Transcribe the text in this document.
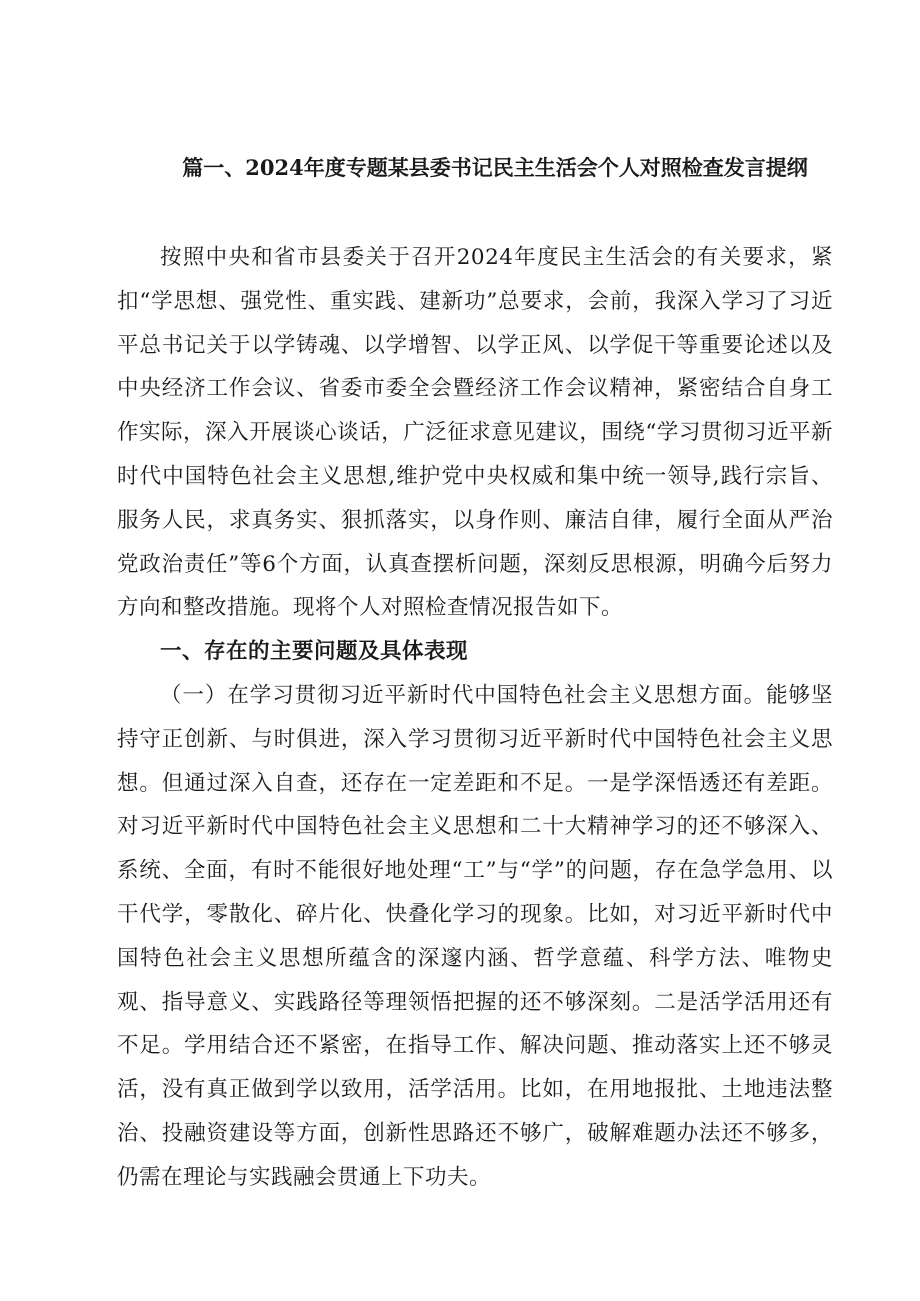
篇一、2024年度专题某县委书记民主生活会个人对照检查发言提纲

按照中央和省市县委关于召开2024年度民主生活会的有关要求，紧扣“学思想、强党性、重实践、建新功”总要求，会前，我深入学习了习近平总书记关于以学铸魂、以学增智、以学正风、以学促干等重要论述以及中央经济工作会议、省委市委全会暨经济工作会议精神，紧密结合自身工作实际，深入开展谈心谈话，广泛征求意见建议，围绕“学习贯彻习近平新时代中国特色社会主义思想,维护党中央权威和集中统一领导,践行宗旨、服务人民，求真务实、狠抓落实，以身作则、廉洁自律，履行全面从严治党政治责任”等6个方面，认真查摆析问题，深刻反思根源，明确今后努力方向和整改措施。现将个人对照检查情况报告如下。

一、存在的主要问题及具体表现

（一）在学习贯彻习近平新时代中国特色社会主义思想方面。能够坚持守正创新、与时俱进，深入学习贯彻习近平新时代中国特色社会主义思想。但通过深入自查，还存在一定差距和不足。一是学深悟透还有差距。对习近平新时代中国特色社会主义思想和二十大精神学习的还不够深入、系统、全面，有时不能很好地处理“工”与“学”的问题，存在急学急用、以干代学，零散化、碎片化、快叠化学习的现象。比如，对习近平新时代中国特色社会主义思想所蕴含的深邃内涵、哲学意蕴、科学方法、唯物史观、指导意义、实践路径等理领悟把握的还不够深刻。二是活学活用还有不足。学用结合还不紧密，在指导工作、解决问题、推动落实上还不够灵活，没有真正做到学以致用，活学活用。比如，在用地报批、土地违法整治、投融资建设等方面，创新性思路还不够广，破解难题办法还不够多，仍需在理论与实践融会贯通上下功夫。
